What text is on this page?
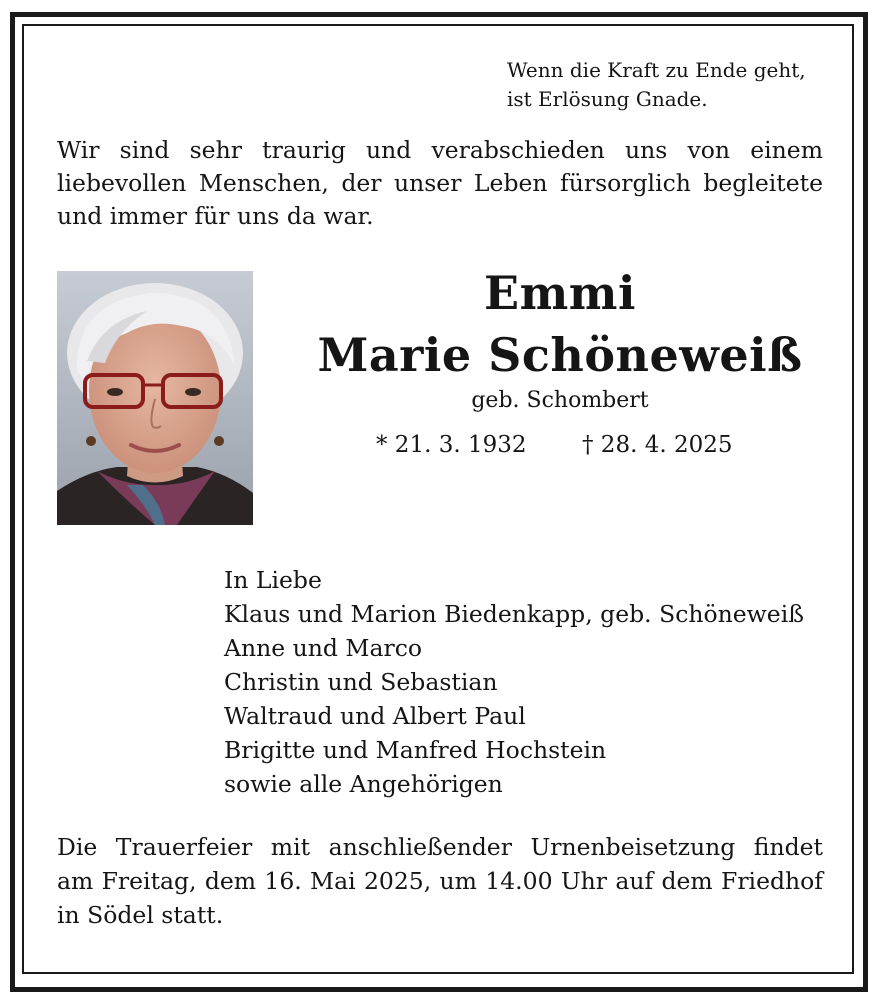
Wenn die Kraft zu Ende geht,
ist Erlösung Gnade.
Wir sind sehr traurig und verabschieden uns von einem
liebevollen Menschen, der unser Leben fürsorglich begleitete
und immer für uns da war.
Emmi
Marie Schöneweiß
geb. Schombert
* 21. 3. 1932 † 28. 4. 2025
In Liebe
Klaus und Marion Biedenkapp, geb. Schöneweiß
Anne und Marco
Christin und Sebastian
Waltraud und Albert Paul
Brigitte und Manfred Hochstein
sowie alle Angehörigen
Die Trauerfeier mit anschließender Urnenbeisetzung findet
am Freitag, dem 16. Mai 2025, um 14.00 Uhr auf dem Friedhof
in Södel statt.
